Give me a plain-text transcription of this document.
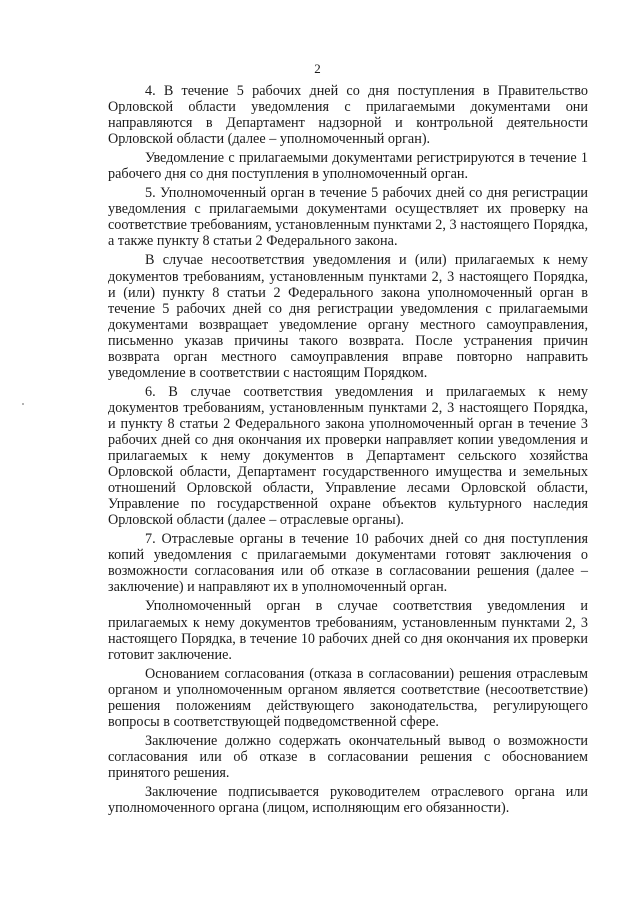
2

4. В течение 5 рабочих дней со дня поступления в Правительство Орловской области уведомления с прилагаемыми документами они направляются в Департамент надзорной и контрольной деятельности Орловской области (далее – уполномоченный орган).

Уведомление с прилагаемыми документами регистрируются в течение 1 рабочего дня со дня поступления в уполномоченный орган.

5. Уполномоченный орган в течение 5 рабочих дней со дня регистрации уведомления с прилагаемыми документами осуществляет их проверку на соответствие требованиям, установленным пунктами 2, 3 настоящего Порядка, а также пункту 8 статьи 2 Федерального закона.

В случае несоответствия уведомления и (или) прилагаемых к нему документов требованиям, установленным пунктами 2, 3 настоящего Порядка, и (или) пункту 8 статьи 2 Федерального закона уполномоченный орган в течение 5 рабочих дней со дня регистрации уведомления с прилагаемыми документами возвращает уведомление органу местного самоуправления, письменно указав причины такого возврата. После устранения причин возврата орган местного самоуправления вправе повторно направить уведомление в соответствии с настоящим Порядком.

6. В случае соответствия уведомления и прилагаемых к нему документов требованиям, установленным пунктами 2, 3 настоящего Порядка, и пункту 8 статьи 2 Федерального закона уполномоченный орган в течение 3 рабочих дней со дня окончания их проверки направляет копии уведомления и прилагаемых к нему документов в Департамент сельского хозяйства Орловской области, Департамент государственного имущества и земельных отношений Орловской области, Управление лесами Орловской области, Управление по государственной охране объектов культурного наследия Орловской области (далее – отраслевые органы).

7. Отраслевые органы в течение 10 рабочих дней со дня поступления копий уведомления с прилагаемыми документами готовят заключения о возможности согласования или об отказе в согласовании решения (далее – заключение) и направляют их в уполномоченный орган.

Уполномоченный орган в случае соответствия уведомления и прилагаемых к нему документов требованиям, установленным пунктами 2, 3 настоящего Порядка, в течение 10 рабочих дней со дня окончания их проверки готовит заключение.

Основанием согласования (отказа в согласовании) решения отраслевым органом и уполномоченным органом является соответствие (несоответствие) решения положениям действующего законодательства, регулирующего вопросы в соответствующей подведомственной сфере.

Заключение должно содержать окончательный вывод о возможности согласования или об отказе в согласовании решения с обоснованием принятого решения.

Заключение подписывается руководителем отраслевого органа или уполномоченного органа (лицом, исполняющим его обязанности).
